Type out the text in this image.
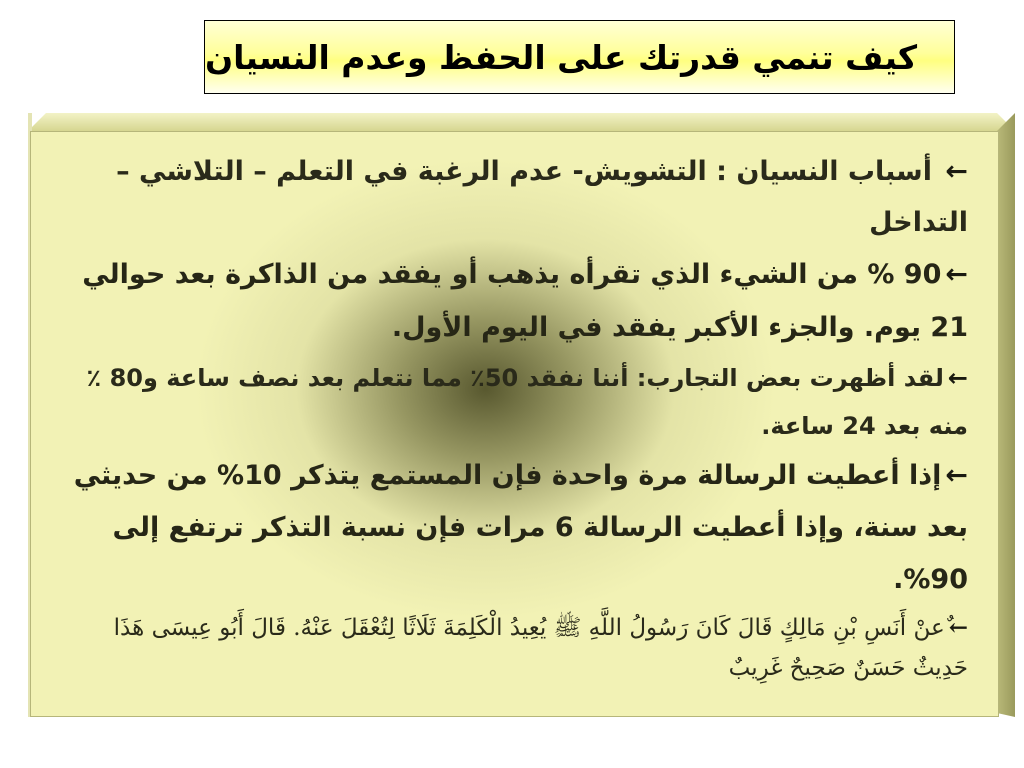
كيف تنمي قدرتك على الحفظ وعدم النسيان

← أسباب النسيان : التشويش- عدم الرغبة في التعلم – التلاشي – التداخل

←90 % من الشيء الذي تقرأه يذهب أو يفقد من الذاكرة بعد حوالي 21 يوم. والجزء الأكبر يفقد في اليوم الأول.

←لقد أظهرت بعض التجارب: أننا نفقد 50٪ مما نتعلم بعد نصف ساعة و80 ٪ منه بعد 24 ساعة.

←إذا أعطيت الرسالة مرة واحدة فإن المستمع يتذكر 10% من حديثي بعد سنة، وإذا أعطيت الرسالة 6 مرات فإن نسبة التذكر ترتفع إلى 90%.

←ٌعنْ أَنَسِ بْنِ مَالِكٍ قَالَ كَانَ رَسُولُ اللَّهِ ﷺ يُعِيدُ الْكَلِمَةَ ثَلَاثًا لِتُعْقَلَ عَنْهُ. قَالَ أَبُو عِيسَى هَذَا حَدِيثٌ حَسَنٌ صَحِيحٌ غَرِيبٌ
